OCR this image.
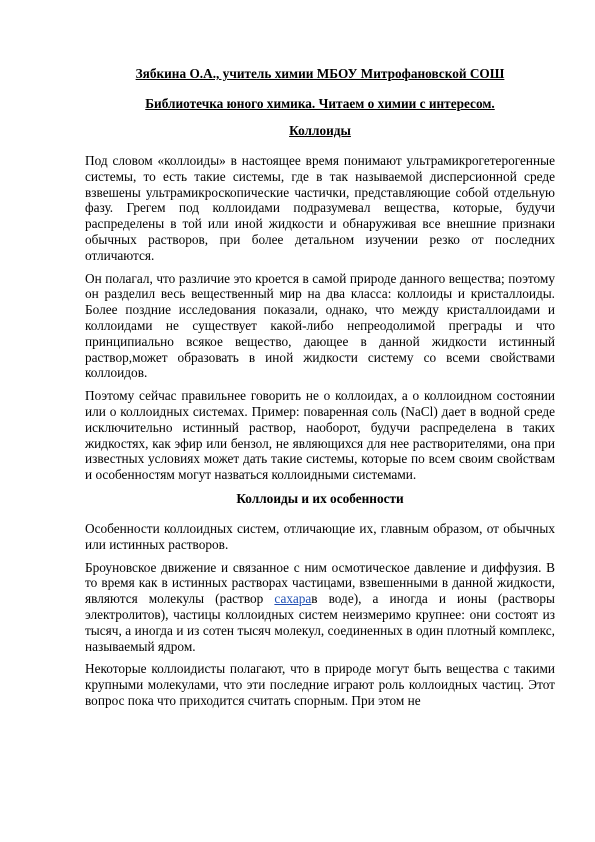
Зябкина О.А., учитель химии МБОУ Митрофановской СОШ
Библиотечка юного химика. Читаем о химии с интересом.
Коллоиды

Под словом «коллоиды» в настоящее время понимают ультрамикрогетерогенные системы, то есть такие системы, где в так называемой дисперсионной среде взвешены ультрамикроскопические частички, представляющие собой отдельную фазу. Грегем под коллоидами подразумевал вещества, которые, будучи распределены в той или иной жидкости и обнаруживая все внешние признаки обычных растворов, при более детальном изучении резко от последних отличаются.

Он полагал, что различие это кроется в самой природе данного вещества; поэтому он разделил весь вещественный мир на два класса: коллоиды и кристаллоиды. Более поздние исследования показали, однако, что между кристаллоидами и коллоидами не существует какой-либо непреодолимой преграды и что принципиально всякое вещество, дающее в данной жидкости истинный раствор,может образовать в иной жидкости систему со всеми свойствами коллоидов.

Поэтому сейчас правильнее говорить не о коллоидах, а о коллоидном состоянии или о коллоидных системах. Пример: поваренная соль (NaCl) дает в водной среде исключительно истинный раствор, наоборот, будучи распределена в таких жидкостях, как эфир или бензол, не являющихся для нее растворителями, она при известных условиях может дать такие системы, которые по всем своим свойствам и особенностям могут назваться коллоидными системами.

Коллоиды и их особенности

Особенности коллоидных систем, отличающие их, главным образом, от обычных или истинных растворов.

Броуновское движение и связанное с ним осмотическое давление и диффузия. В то время как в истинных растворах частицами, взвешенными в данной жидкости, являются молекулы (раствор сахарав воде), а иногда и ионы (растворы электролитов), частицы коллоидных систем неизмеримо крупнее: они состоят из тысяч, а иногда и из сотен тысяч молекул, соединенных в один плотный комплекс, называемый ядром.

Некоторые коллоидисты полагают, что в природе могут быть вещества с такими крупными молекулами, что эти последние играют роль коллоидных частиц. Этот вопрос пока что приходится считать спорным. При этом не
